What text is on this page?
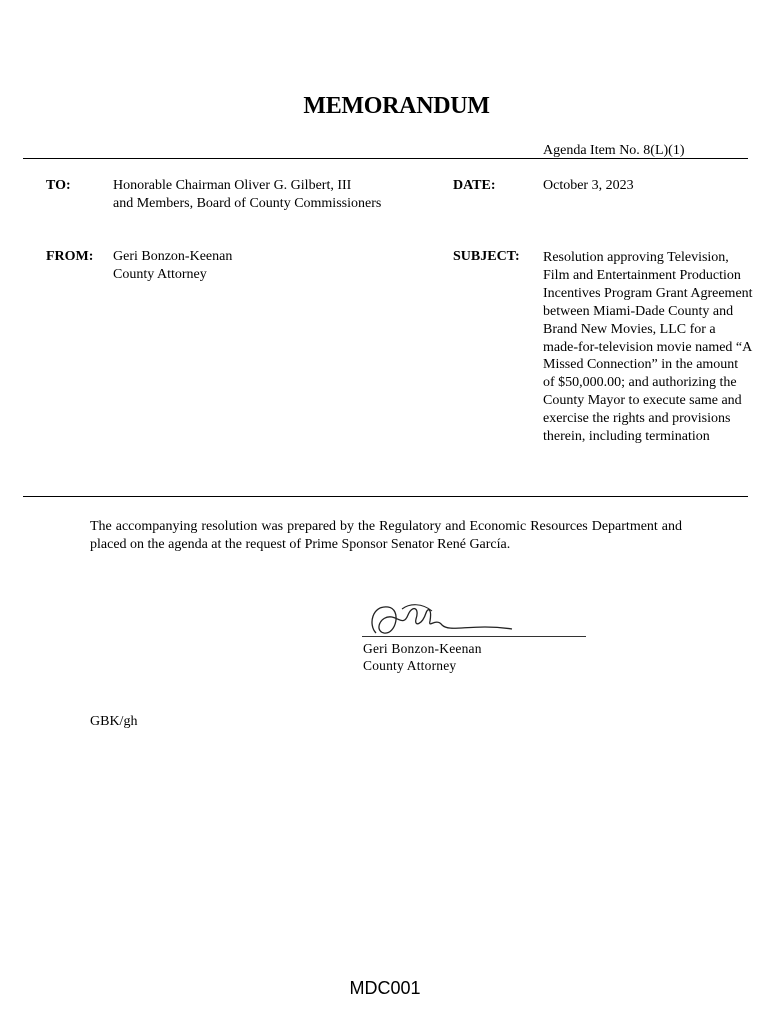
MEMORANDUM
Agenda Item No. 8(L)(1)
TO:	Honorable Chairman Oliver G. Gilbert, III
and Members, Board of County Commissioners
DATE:	October 3, 2023
FROM: Geri Bonzon-Keenan
County Attorney
SUBJECT: Resolution approving Television, Film and Entertainment Production Incentives Program Grant Agreement between Miami-Dade County and Brand New Movies, LLC for a made-for-television movie named “A Missed Connection” in the amount of $50,000.00; and authorizing the County Mayor to execute same and exercise the rights and provisions therein, including termination
The accompanying resolution was prepared by the Regulatory and Economic Resources Department and placed on the agenda at the request of Prime Sponsor Senator René García.
Geri Bonzon-Keenan
County Attorney
GBK/gh
MDC001
